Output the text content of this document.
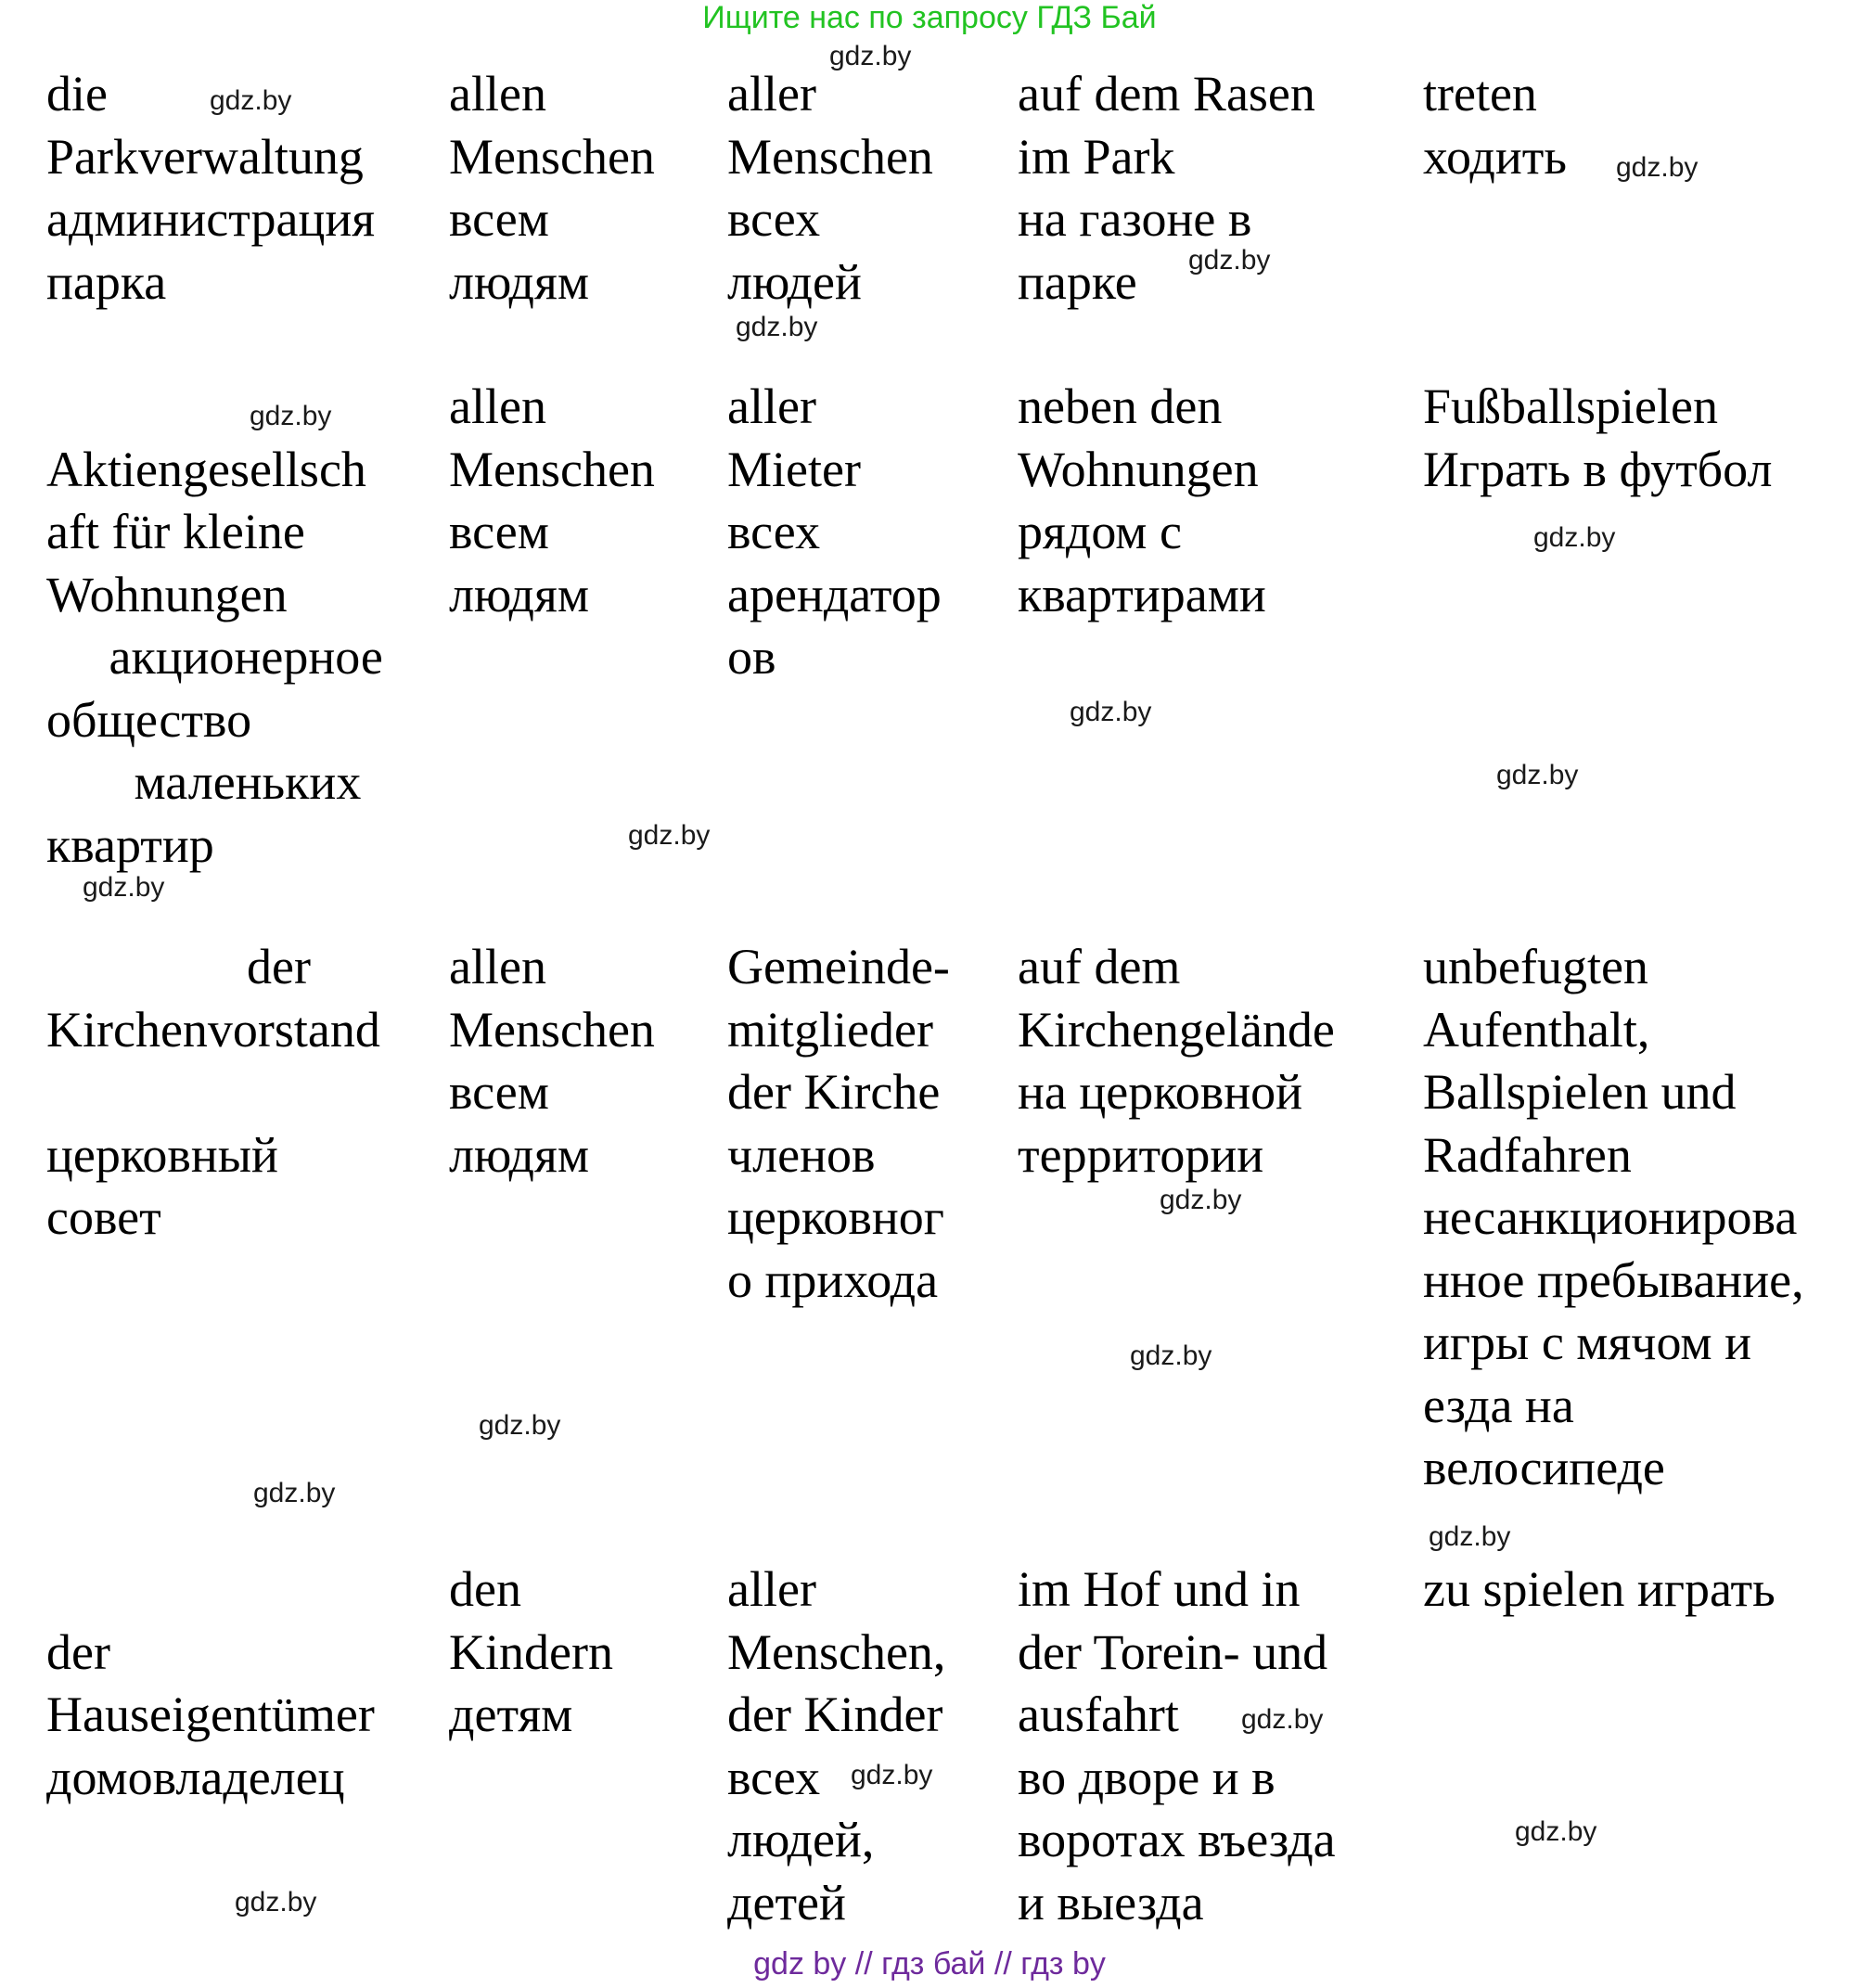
Ищите нас по запросу ГДЗ Бай
die
Parkverwaltung
администрация
парка
allen
Menschen
всем
людям
aller
Menschen
всех
людей
auf dem Rasen
im Park
на газоне в
парке
treten
ходить

Aktiengesellsch
aft für kleine
Wohnungen
акционерное
общество
маленьких
квартир
allen
Menschen
всем
людям
aller
Mieter
всех
арендатор
ов
neben den
Wohnungen
рядом с
квартирами
Fußballspielen
Играть в футбол
der
Kirchenvorstand

церковный
совет
allen
Menschen
всем
людям
Gemeinde-
mitglieder
der Kirche
членов
церковног
о прихода
auf dem
Kirchengelände
на церковной
территории
unbefugten
Aufenthalt,
Ballspielen und
Radfahren
несанкционирова
нное пребывание,
игры с мячом и
езда на
велосипеде

der
Hauseigentümer
домовладелец
den
Kindern
детям
aller
Menschen,
der Kinder
всех
людей,
детей
im Hof und in
der Torein- und
ausfahrt
во дворе и в
воротах въезда
и выезда
zu spielen играть
gdz.by
gdz.by
gdz.by
gdz.by
gdz.by
gdz.by
gdz.by
gdz.by
gdz.by
gdz.by
gdz.by
gdz.by
gdz.by
gdz.by
gdz.by
gdz.by
gdz.by
gdz.by
gdz.by
gdz.by
gdz by // гдз бай // гдз by
